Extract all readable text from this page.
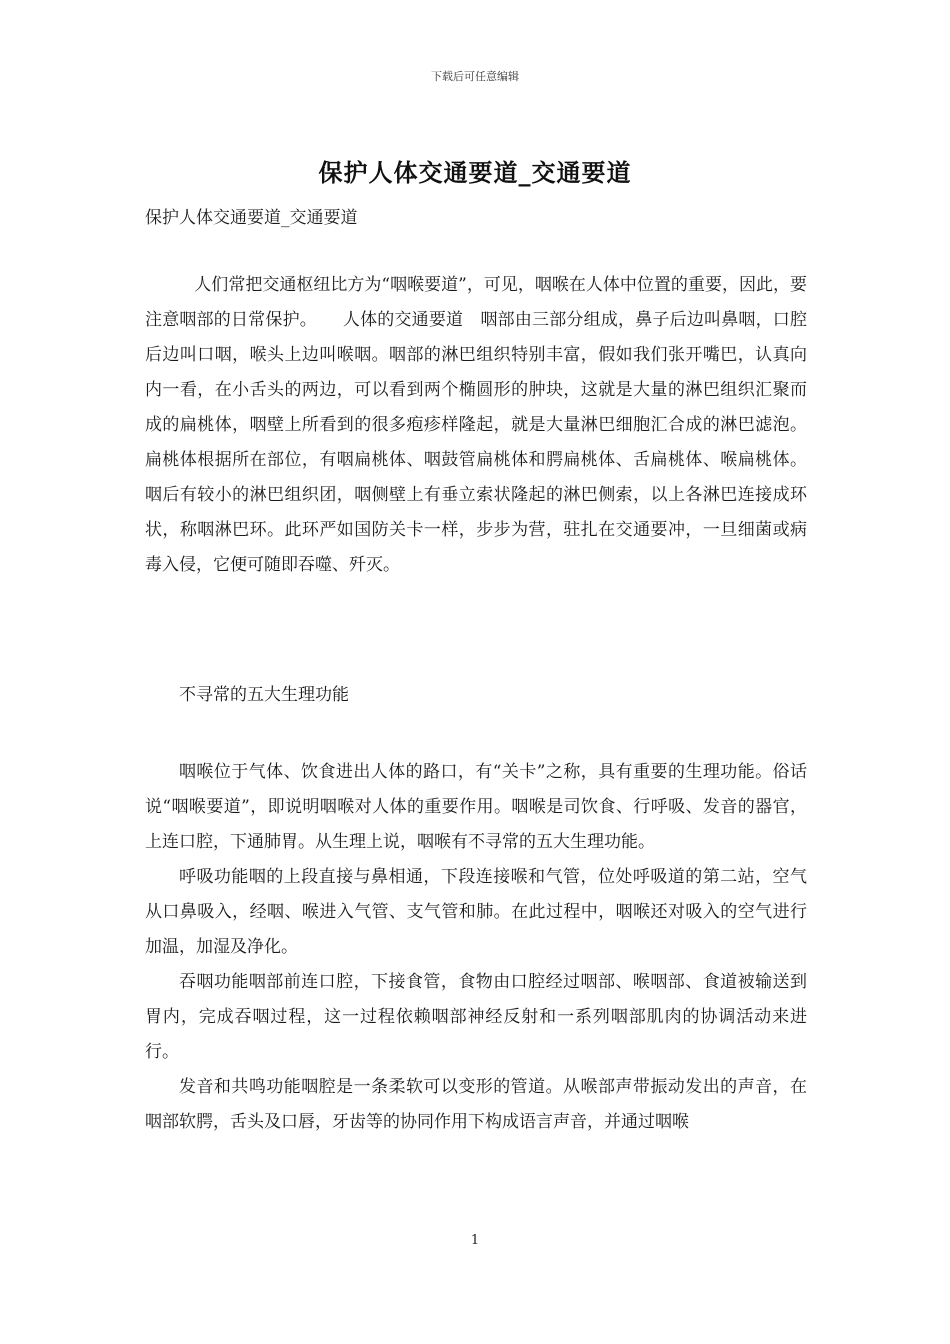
下载后可任意编辑
保护人体交通要道_交通要道
保护人体交通要道_交通要道

人们常把交通枢纽比方为“咽喉要道”，可见，咽喉在人体中位置的重要，因此，要注意咽部的日常保护。　　人体的交通要道　咽部由三部分组成，鼻子后边叫鼻咽，口腔后边叫口咽，喉头上边叫喉咽。咽部的淋巴组织特别丰富，假如我们张开嘴巴，认真向内一看，在小舌头的两边，可以看到两个椭圆形的肿块，这就是大量的淋巴组织汇聚而成的扁桃体，咽壁上所看到的很多疱疹样隆起，就是大量淋巴细胞汇合成的淋巴滤泡。扁桃体根据所在部位，有咽扁桃体、咽鼓管扁桃体和腭扁桃体、舌扁桃体、喉扁桃体。咽后有较小的淋巴组织团，咽侧壁上有垂立索状隆起的淋巴侧索，以上各淋巴连接成环状，称咽淋巴环。此环严如国防关卡一样，步步为营，驻扎在交通要冲，一旦细菌或病毒入侵，它便可随即吞噬、歼灭。

不寻常的五大生理功能

咽喉位于气体、饮食进出人体的路口，有“关卡”之称，具有重要的生理功能。俗话说“咽喉要道”，即说明咽喉对人体的重要作用。咽喉是司饮食、行呼吸、发音的器官，上连口腔，下通肺胃。从生理上说，咽喉有不寻常的五大生理功能。

呼吸功能咽的上段直接与鼻相通，下段连接喉和气管，位处呼吸道的第二站，空气从口鼻吸入，经咽、喉进入气管、支气管和肺。在此过程中，咽喉还对吸入的空气进行加温，加湿及净化。

吞咽功能咽部前连口腔，下接食管，食物由口腔经过咽部、喉咽部、食道被输送到胃内，完成吞咽过程，这一过程依赖咽部神经反射和一系列咽部肌肉的协调活动来进行。

发音和共鸣功能咽腔是一条柔软可以变形的管道。从喉部声带振动发出的声音，在咽部软腭，舌头及口唇，牙齿等的协同作用下构成语言声音，并通过咽喉

1
